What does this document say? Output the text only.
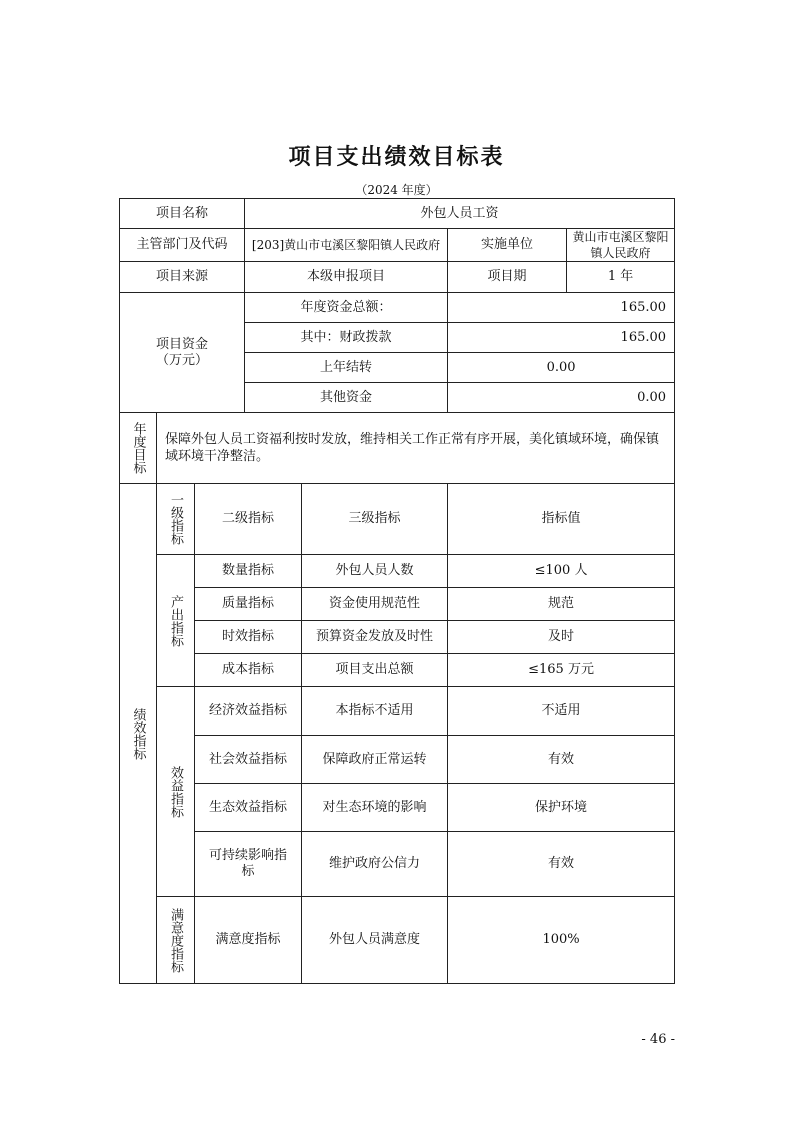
项目支出绩效目标表
（2024 年度）
项目名称			外包人员工资			
主管部门及代码			[203]黄山市屯溪区黎阳镇人民政府		实施单位	黄山市屯溪区黎阳镇人民政府
项目来源			本级申报项目		项目期	1 年
项目资金（万元）			年度资金总额：		165.00	
			其中：财政拨款		165.00	
			上年结转		0.00	
			其他资金		0.00	
年度目标	保障外包人员工资福利按时发放，维持相关工作正常有序开展，美化镇域环境，确保镇域环境干净整洁。					
绩效指标	一级指标	二级指标		三级指标	指标值	
	产出指标	数量指标		外包人员人数	≤100 人	
		质量指标		资金使用规范性	规范	
		时效指标		预算资金发放及时性	及时	
		成本指标		项目支出总额	≤165 万元	
	效益指标	经济效益指标		本指标不适用	不适用	
		社会效益指标		保障政府正常运转	有效	
		生态效益指标		对生态环境的影响	保护环境	
		可持续影响指标		维护政府公信力	有效	
	满意度指标	满意度指标		外包人员满意度	100%	
- 46 -
